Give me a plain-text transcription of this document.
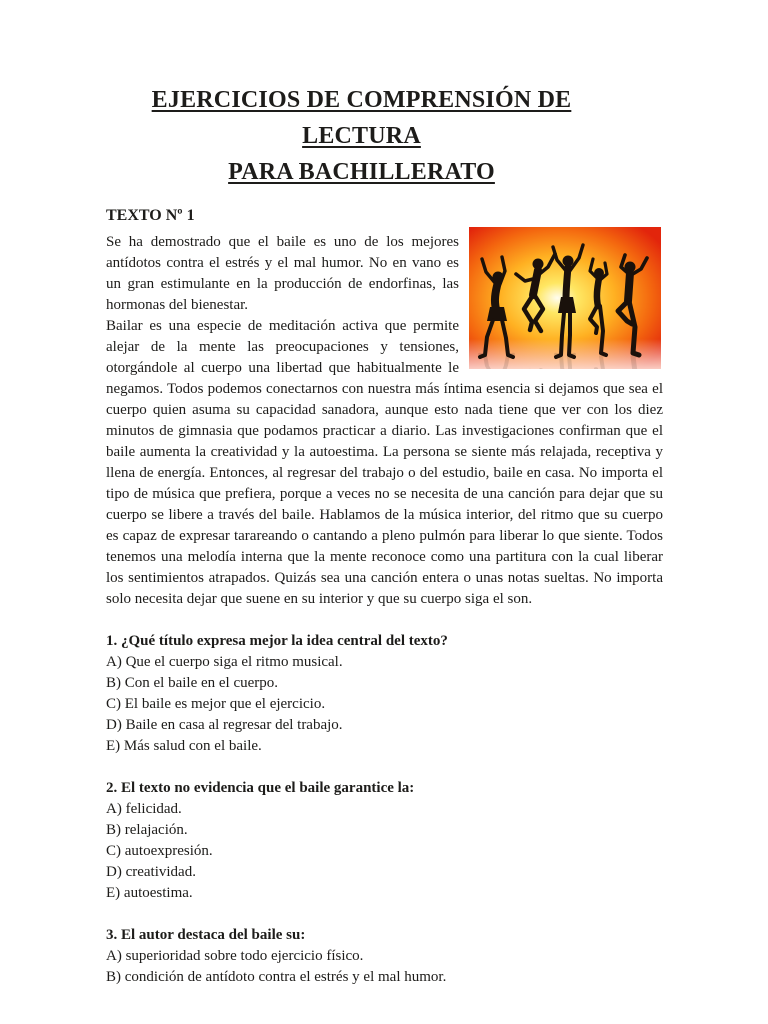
EJERCICIOS DE COMPRENSIÓN DE LECTURA
PARA BACHILLERATO
TEXTO Nº 1

Se ha demostrado que el baile es uno de los mejores antídotos contra el estrés y el mal humor. No en vano es un gran estimulante en la producción de endorfinas, las hormonas del bienestar.

Bailar es una especie de meditación activa que permite alejar de la mente las preocupaciones y tensiones, otorgándole al cuerpo una libertad que habitualmente le negamos. Todos podemos conectarnos con nuestra más íntima esencia si dejamos que sea el cuerpo quien asuma su capacidad sanadora, aunque esto nada tiene que ver con los diez minutos de gimnasia que podamos practicar a diario. Las investigaciones confirman que el baile aumenta la creatividad y la autoestima. La persona se siente más relajada, receptiva y llena de energía. Entonces, al regresar del trabajo o del estudio, baile en casa. No importa el tipo de música que prefiera, porque a veces no se necesita de una canción para dejar que su cuerpo se libere a través del baile. Hablamos de la música interior, del ritmo que su cuerpo es capaz de expresar tarareando o cantando a pleno pulmón para liberar lo que siente. Todos tenemos una melodía interna que la mente reconoce como una partitura con la cual liberar los sentimientos atrapados. Quizás sea una canción entera o unas notas sueltas. No importa solo necesita dejar que suene en su interior y que su cuerpo siga el son.

1. ¿Qué título expresa mejor la idea central del texto?

A) Que el cuerpo siga el ritmo musical.

B) Con el baile en el cuerpo.

C) El baile es mejor que el ejercicio.

D) Baile en casa al regresar del trabajo.

E) Más salud con el baile.

2. El texto no evidencia que el baile garantice la:

A) felicidad.

B) relajación.

C) autoexpresión.

D) creatividad.

E) autoestima.

3. El autor destaca del baile su:

A) superioridad sobre todo ejercicio físico.

B) condición de antídoto contra el estrés y el mal humor.
